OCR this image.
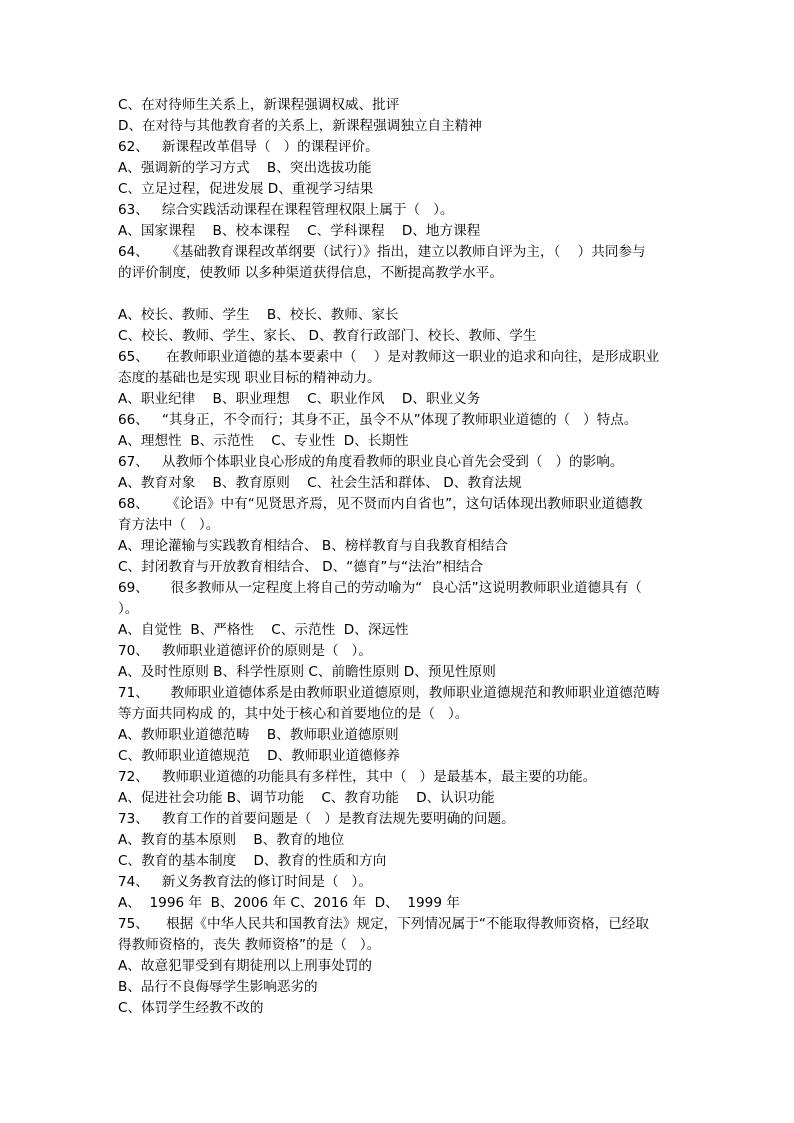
C、在对待师生关系上，新课程强调权威、批评
D、在对待与其他教育者的关系上，新课程强调独立自主精神
62、   新课程改革倡导（   ）的课程评价。
A、强调新的学习方式    B、突出选拔功能
C、立足过程，促进发展 D、重视学习结果
63、   综合实践活动课程在课程管理权限上属于（   ）。
A、国家课程    B、校本课程    C、学科课程    D、地方课程
64、    《基础教育课程改革纲要（试行）》指出，建立以教师自评为主，（    ）共同参与
的评价制度，使教师 以多种渠道获得信息，不断提高教学水平。
A、校长、教师、学生    B、校长、教师、家长
C、校长、教师、学生、家长、 D、教育行政部门、校长、教师、学生
65、    在教师职业道德的基本要素中（    ）是对教师这一职业的追求和向往，是形成职业
态度的基础也是实现 职业目标的精神动力。
A、职业纪律    B、职业理想    C、职业作风    D、职业义务
66、   “其身正，不令而行；其身不正，虽令不从”体现了教师职业道德的（   ）特点。
A、理想性  B、示范性    C、专业性  D、长期性
67、   从教师个体职业良心形成的角度看教师的职业良心首先会受到（   ）的影响。
A、教育对象    B、教育原则    C、社会生活和群体、 D、教育法规
68、    《论语》中有“见贤思齐焉，见不贤而内自省也”，这句话体现出教师职业道德教
育方法中（   ）。
A、理论灌输与实践教育相结合、 B、榜样教育与自我教育相结合
C、封闭教育与开放教育相结合、 D、“德育”与“法治”相结合
69、     很多教师从一定程度上将自己的劳动喻为“  良心活”这说明教师职业道德具有（
）。
A、自觉性  B、严格性    C、示范性  D、深远性
70、   教师职业道德评价的原则是（   ）。
A、及时性原则 B、科学性原则 C、前瞻性原则 D、预见性原则
71、     教师职业道德体系是由教师职业道德原则，教师职业道德规范和教师职业道德范畴
等方面共同构成 的，其中处于核心和首要地位的是（   ）。
A、教师职业道德范畴    B、教师职业道德原则
C、教师职业道德规范    D、教师职业道德修养
72、   教师职业道德的功能具有多样性，其中（   ）是最基本，最主要的功能。
A、促进社会功能 B、调节功能    C、教育功能    D、认识功能
73、   教育工作的首要问题是（   ）是教育法规先要明确的问题。
A、教育的基本原则    B、教育的地位
C、教育的基本制度    D、教育的性质和方向
74、   新义务教育法的修订时间是（   ）。
A、  1996 年  B、2006 年 C、2016 年  D、  1999 年
75、    根据《中华人民共和国教育法》规定，下列情况属于“不能取得教师资格，已经取
得教师资格的，丧失 教师资格”的是（   ）。
A、故意犯罪受到有期徒刑以上刑事处罚的
B、品行不良侮辱学生影响恶劣的
C、体罚学生经教不改的
